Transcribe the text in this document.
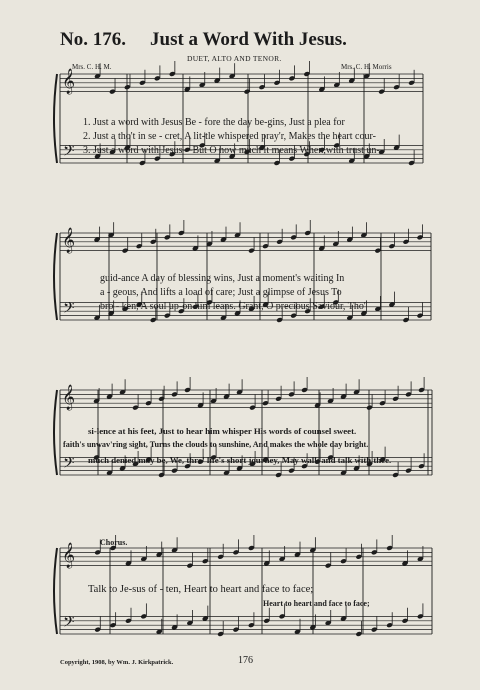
No. 176. Just a Word With Jesus.
DUET, ALTO AND TENOR.
Mrs. C. H. M.	Mrs. C. H. Morris
𝄞
𝄢
𝄞
𝄢
𝄞
𝄢
𝄞
𝄢
1. Just a word with Jesus Be - fore the day be-gins, Just a plea for
2. Just a tho't in se - cret, A lit-tle whispered pray'r, Makes the heart cour-
3. Just a word with Jesus—But O how much it means When,with trust un-
guid-ance A day of blessing wins, Just a moment's waiting In
a - geous, And lifts a load of care; Just a glimpse of Jesus To
bro - ken, A soul up-on him leans. Grant, O precious Saviour, Tho'
si-lence at his feet, Just to hear him whisper His words of counsel sweet.
faith's unwav'ring sight, Turns the clouds to sunshine, And makes the whole day bright.
much denied may be, We, thro' life's short journey, May walk and talk with thee.
Chorus.
Talk to Je-sus of - ten, Heart to heart and face to face;
Heart to heart and face to face;
Copyright, 1908, by Wm. J. Kirkpatrick.	176
